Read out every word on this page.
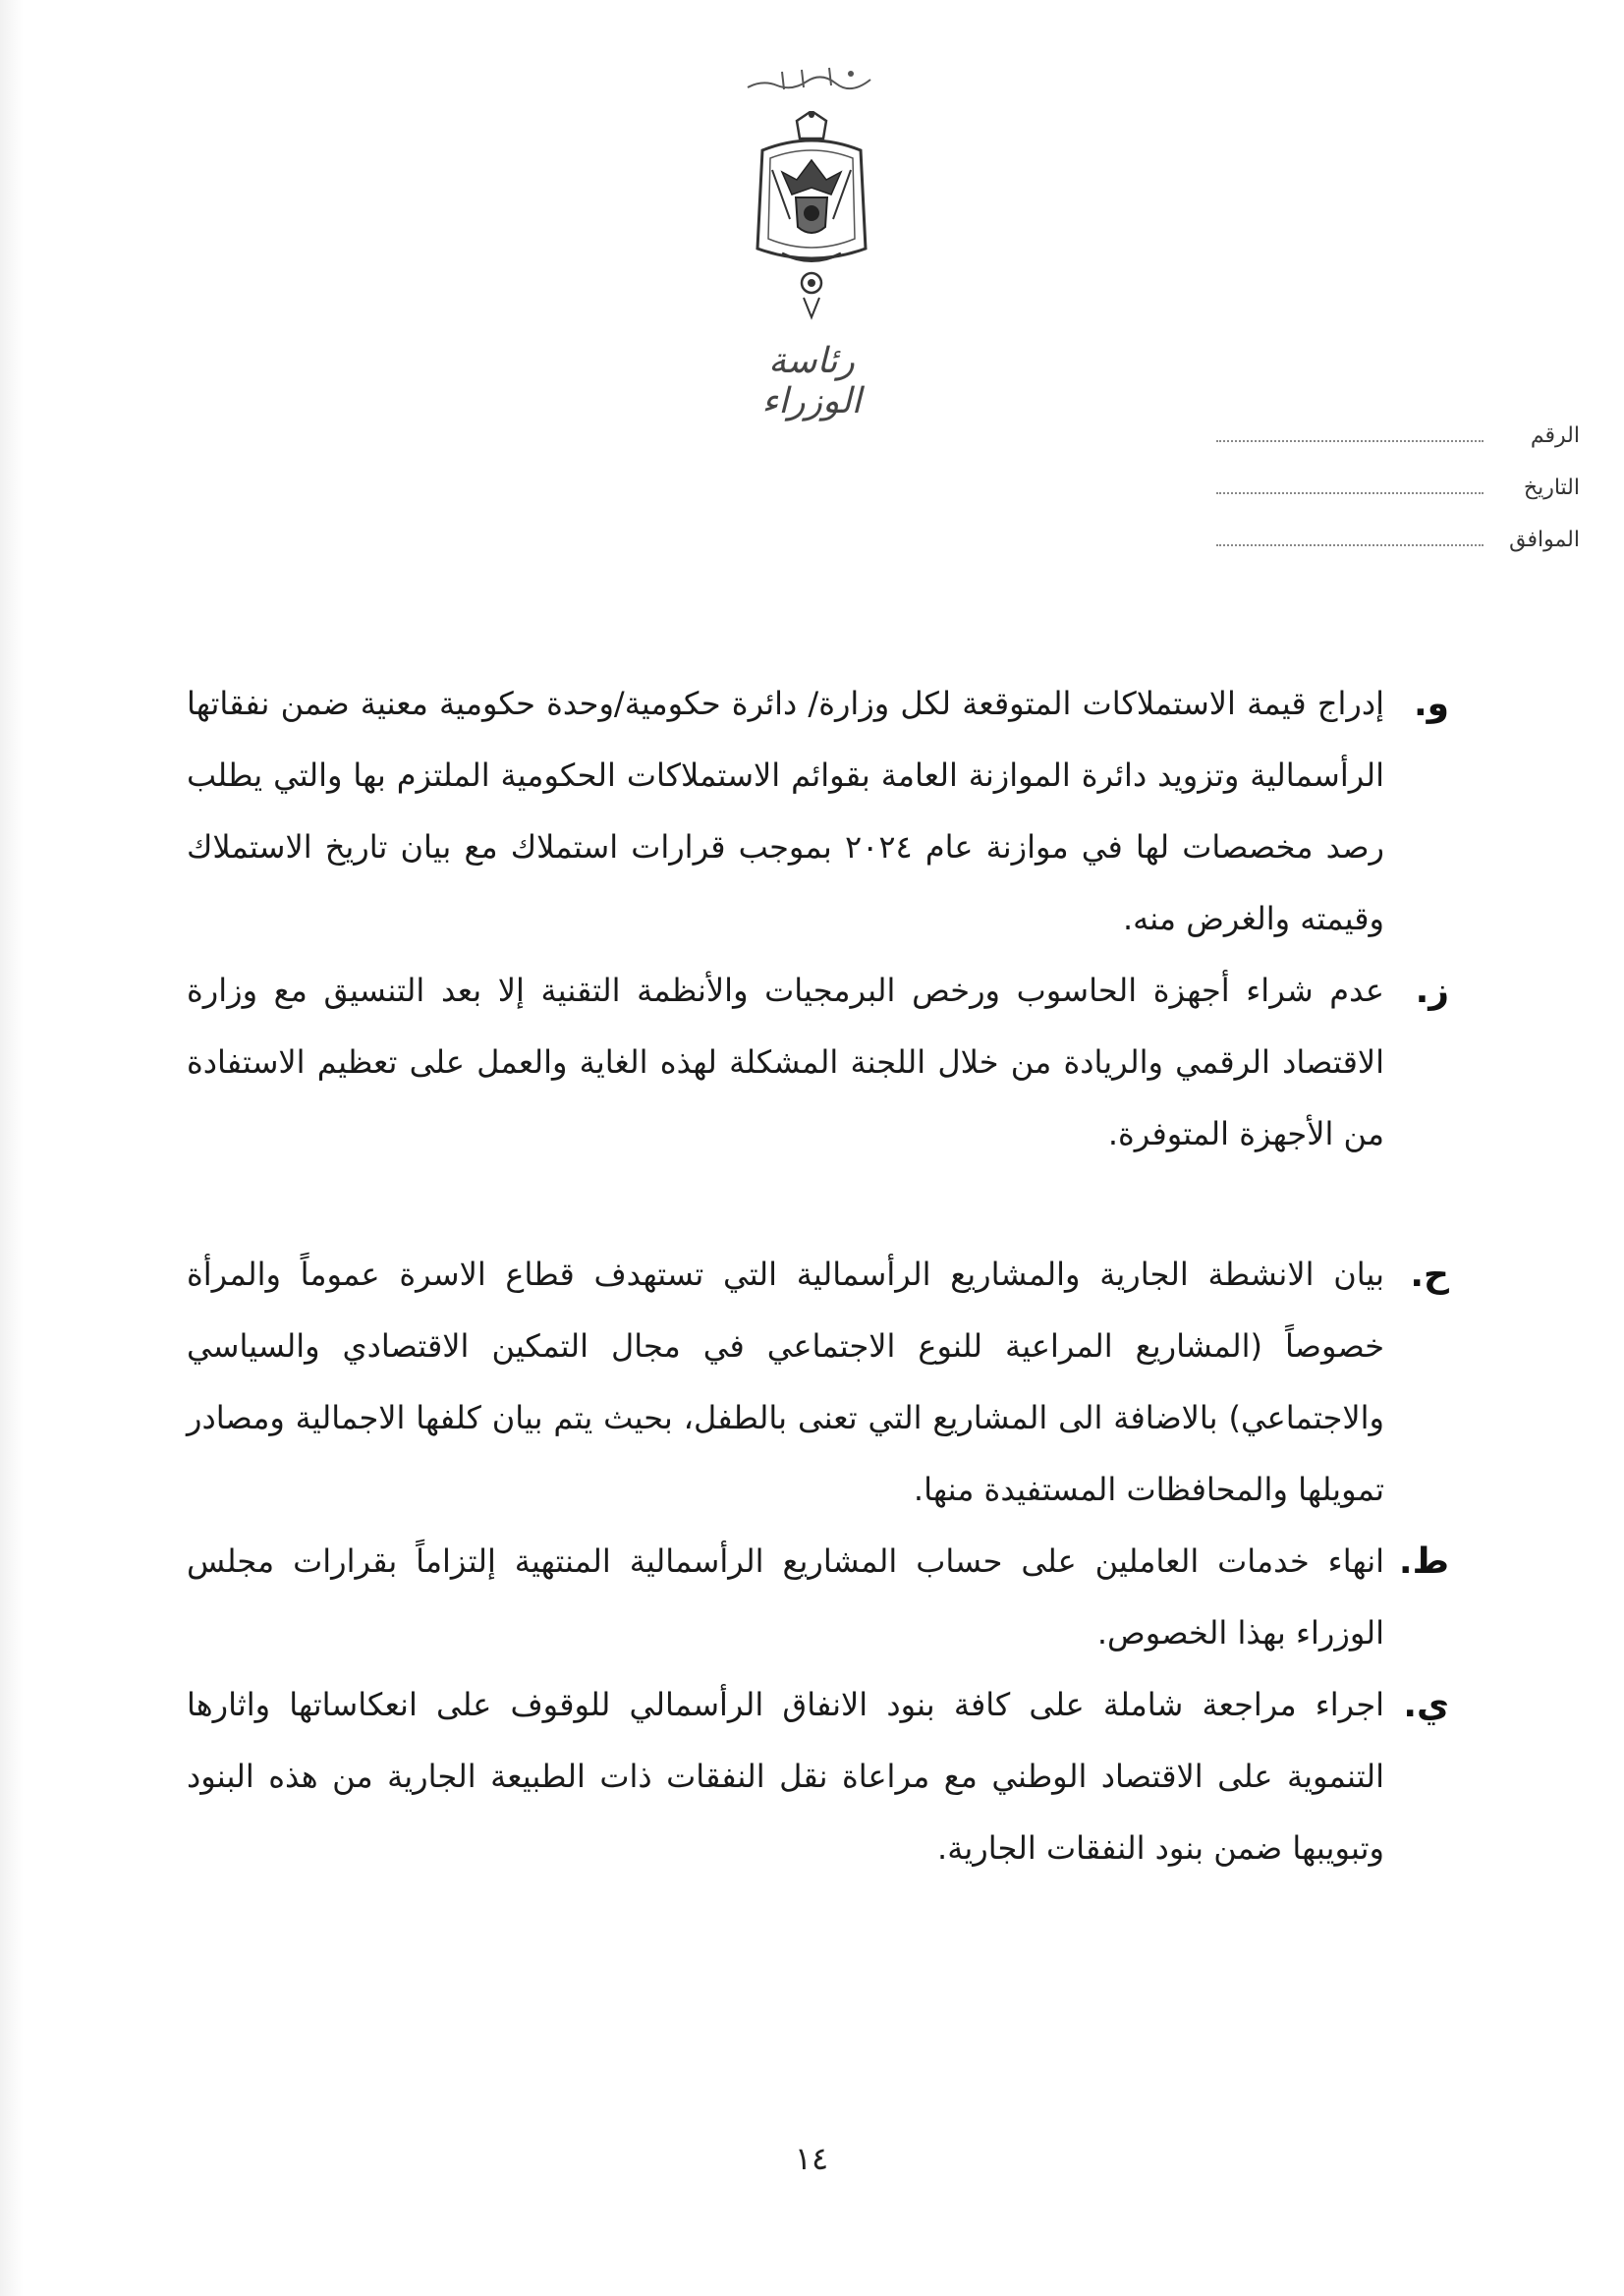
رئاسة الوزراء
الرقم
التاريخ
الموافق
و.
إدراج قيمة الاستملاكات المتوقعة لكل وزارة/ دائرة حكومية/وحدة حكومية معنية ضمن نفقاتها الرأسمالية وتزويد دائرة الموازنة العامة بقوائم الاستملاكات الحكومية الملتزم بها والتي يطلب رصد مخصصات لها في موازنة عام ٢٠٢٤ بموجب قرارات استملاك مع بيان تاريخ الاستملاك وقيمته والغرض منه.
ز.
عدم شراء أجهزة الحاسوب ورخص البرمجيات والأنظمة التقنية إلا بعد التنسيق مع وزارة الاقتصاد الرقمي والريادة من خلال اللجنة المشكلة لهذه الغاية والعمل على تعظيم الاستفادة من الأجهزة المتوفرة.
ح.
بيان الانشطة الجارية والمشاريع الرأسمالية التي تستهدف قطاع الاسرة عموماً والمرأة خصوصاً (المشاريع المراعية للنوع الاجتماعي في مجال التمكين الاقتصادي والسياسي والاجتماعي) بالاضافة الى المشاريع التي تعنى بالطفل، بحيث يتم بيان كلفها الاجمالية ومصادر تمويلها والمحافظات المستفيدة منها.
ط.
انهاء خدمات العاملين على حساب المشاريع الرأسمالية المنتهية إلتزاماً بقرارات مجلس الوزراء بهذا الخصوص.
ي.
اجراء مراجعة شاملة على كافة بنود الانفاق الرأسمالي للوقوف على انعكاساتها واثارها التنموية على الاقتصاد الوطني مع مراعاة نقل النفقات ذات الطبيعة الجارية من هذه البنود وتبويبها ضمن بنود النفقات الجارية.
١٤
